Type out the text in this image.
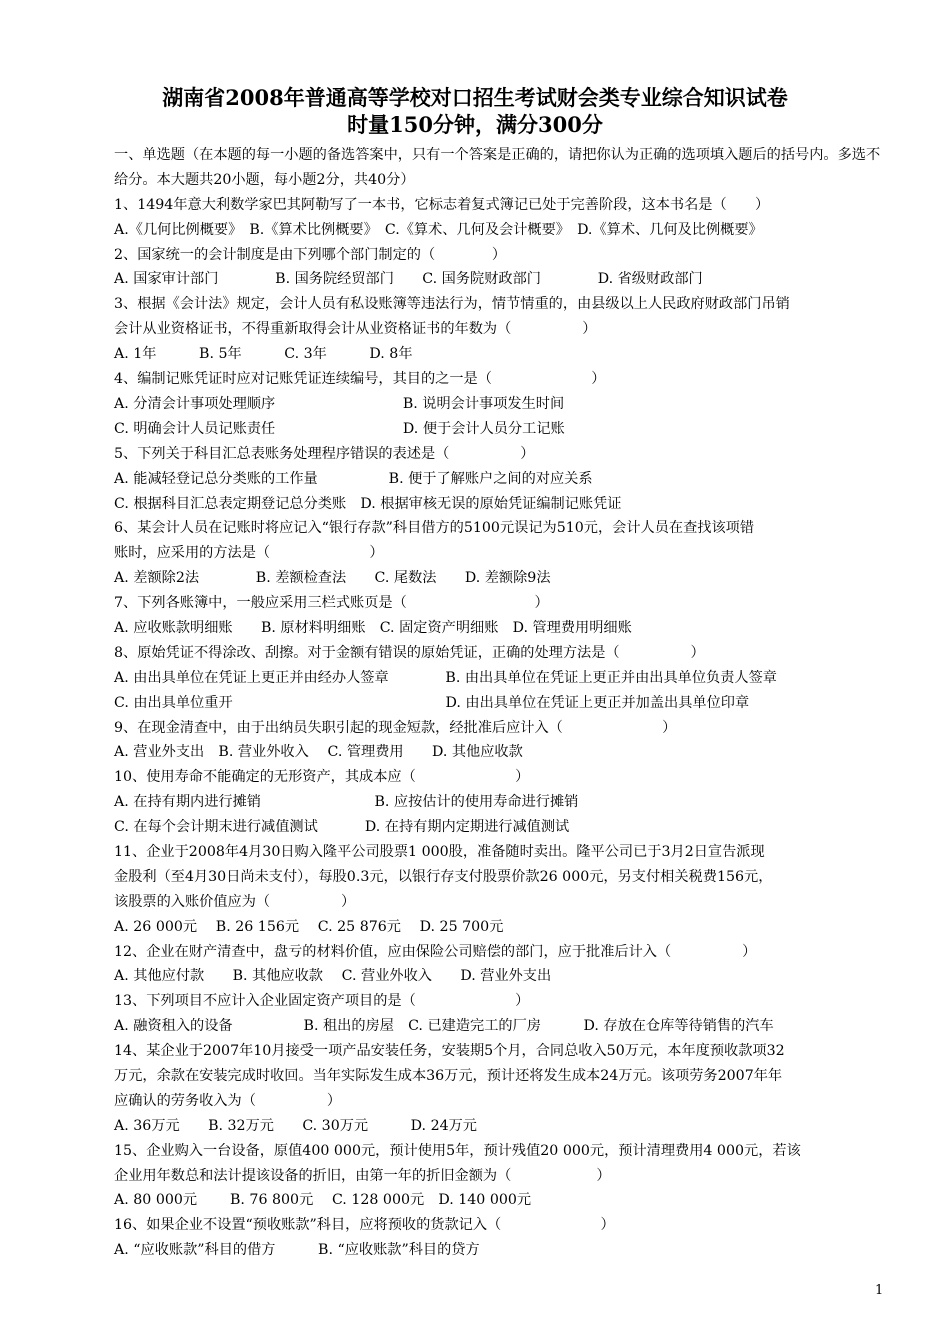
湖南省2008年普通高等学校对口招生考试财会类专业综合知识试卷
时量150分钟，满分300分
一、单选题（在本题的每一小题的备选答案中，只有一个答案是正确的，请把你认为正确的选项填入题后的括号内。多选不给分。本大题共20小题，每小题2分，共40分）
1、1494年意大利数学家巴其阿勒写了一本书，它标志着复式簿记已处于完善阶段，这本书名是（　　）
A.《几何比例概要》　B.《算术比例概要》　C.《算术、几何及会计概要》　D.《算术、几何及比例概要》
2、国家统一的会计制度是由下列哪个部门制定的（　　　　）
A. 国家审计部门　　　　B. 国务院经贸部门　　C. 国务院财政部门　　　　D. 省级财政部门
3、根据《会计法》规定，会计人员有私设账簿等违法行为，情节情重的，由县级以上人民政府财政部门吊销
会计从业资格证书，不得重新取得会计从业资格证书的年数为（　　　　　）
A. 1年　　　B. 5年　　　C. 3年　　　D. 8年
4、编制记账凭证时应对记账凭证连续编号，其目的之一是（　　　　　　　）
A. 分清会计事项处理顺序　　　　　　　　　B. 说明会计事项发生时间
C. 明确会计人员记账责任　　　　　　　　　D. 便于会计人员分工记账
5、下列关于科目汇总表账务处理程序错误的表述是（　　　　　）
A. 能减轻登记总分类账的工作量　　　　　B. 便于了解账户之间的对应关系
C. 根据科目汇总表定期登记总分类账　D. 根据审核无误的原始凭证编制记账凭证
6、某会计人员在记账时将应记入“银行存款”科目借方的5100元误记为510元，会计人员在查找该项错
账时，应采用的方法是（　　　　　　　）
A. 差额除2法　　　　B. 差额检查法　　C. 尾数法　　D. 差额除9法
7、下列各账簿中，一般应采用三栏式账页是（　　　　　　　　　）
A. 应收账款明细账　　B. 原材料明细账　C. 固定资产明细账　D. 管理费用明细账
8、原始凭证不得涂改、刮擦。对于金额有错误的原始凭证，正确的处理方法是（　　　　　）
A. 由出具单位在凭证上更正并由经办人签章　　　　B. 由出具单位在凭证上更正并由出具单位负责人签章
C. 由出具单位重开　　　　　　　　　　　　　　　D. 由出具单位在凭证上更正并加盖出具单位印章
9、在现金清查中，由于出纳员失职引起的现金短款，经批准后应计入（　　　　　　　）
A. 营业外支出　B. 营业外收入　 C. 管理费用　　D. 其他应收款
10、使用寿命不能确定的无形资产，其成本应（　　　　　　　）
A. 在持有期内进行摊销　　　　　　　　B. 应按估计的使用寿命进行摊销
C. 在每个会计期末进行减值测试　　　 D. 在持有期内定期进行减值测试
11、企业于2008年4月30日购入隆平公司股票1 000股，准备随时卖出。隆平公司已于3月2日宣告派现
金股利（至4月30日尚未支付），每股0.3元，以银行存支付股票价款26 000元，另支付相关税费156元，
该股票的入账价值应为（　　　　　）
A. 26 000元　 B. 26 156元　 C. 25 876元　 D. 25 700元
12、企业在财产清查中，盘亏的材料价值，应由保险公司赔偿的部门，应于批准后计入（　　　　　）
A. 其他应付款　　B. 其他应收款　 C. 营业外收入　　D. 营业外支出
13、下列项目不应计入企业固定资产项目的是（　　　　　　　）
A. 融资租入的设备　　　　　B. 租出的房屋　C. 已建造完工的厂房　　　D. 存放在仓库等待销售的汽车
14、某企业于2007年10月接受一项产品安装任务，安装期5个月，合同总收入50万元，本年度预收款项32
万元，余款在安装完成时收回。当年实际发生成本36万元，预计还将发生成本24万元。该项劳务2007年年
应确认的劳务收入为（　　　　　）
A. 36万元　　B. 32万元　　C. 30万元　　　D. 24万元
15、企业购入一台设备，原值400 000元，预计使用5年，预计残值20 000元，预计清理费用4 000元，若该
企业用年数总和法计提该设备的折旧，由第一年的折旧金额为（　　　　　　）
A. 80 000元　　 B. 76 800元　 C. 128 000元　D. 140 000元
16、如果企业不设置“预收账款”科目，应将预收的货款记入（　　　　　　　）
A. “应收账款”科目的借方　　　B. “应收账款”科目的贷方
1
